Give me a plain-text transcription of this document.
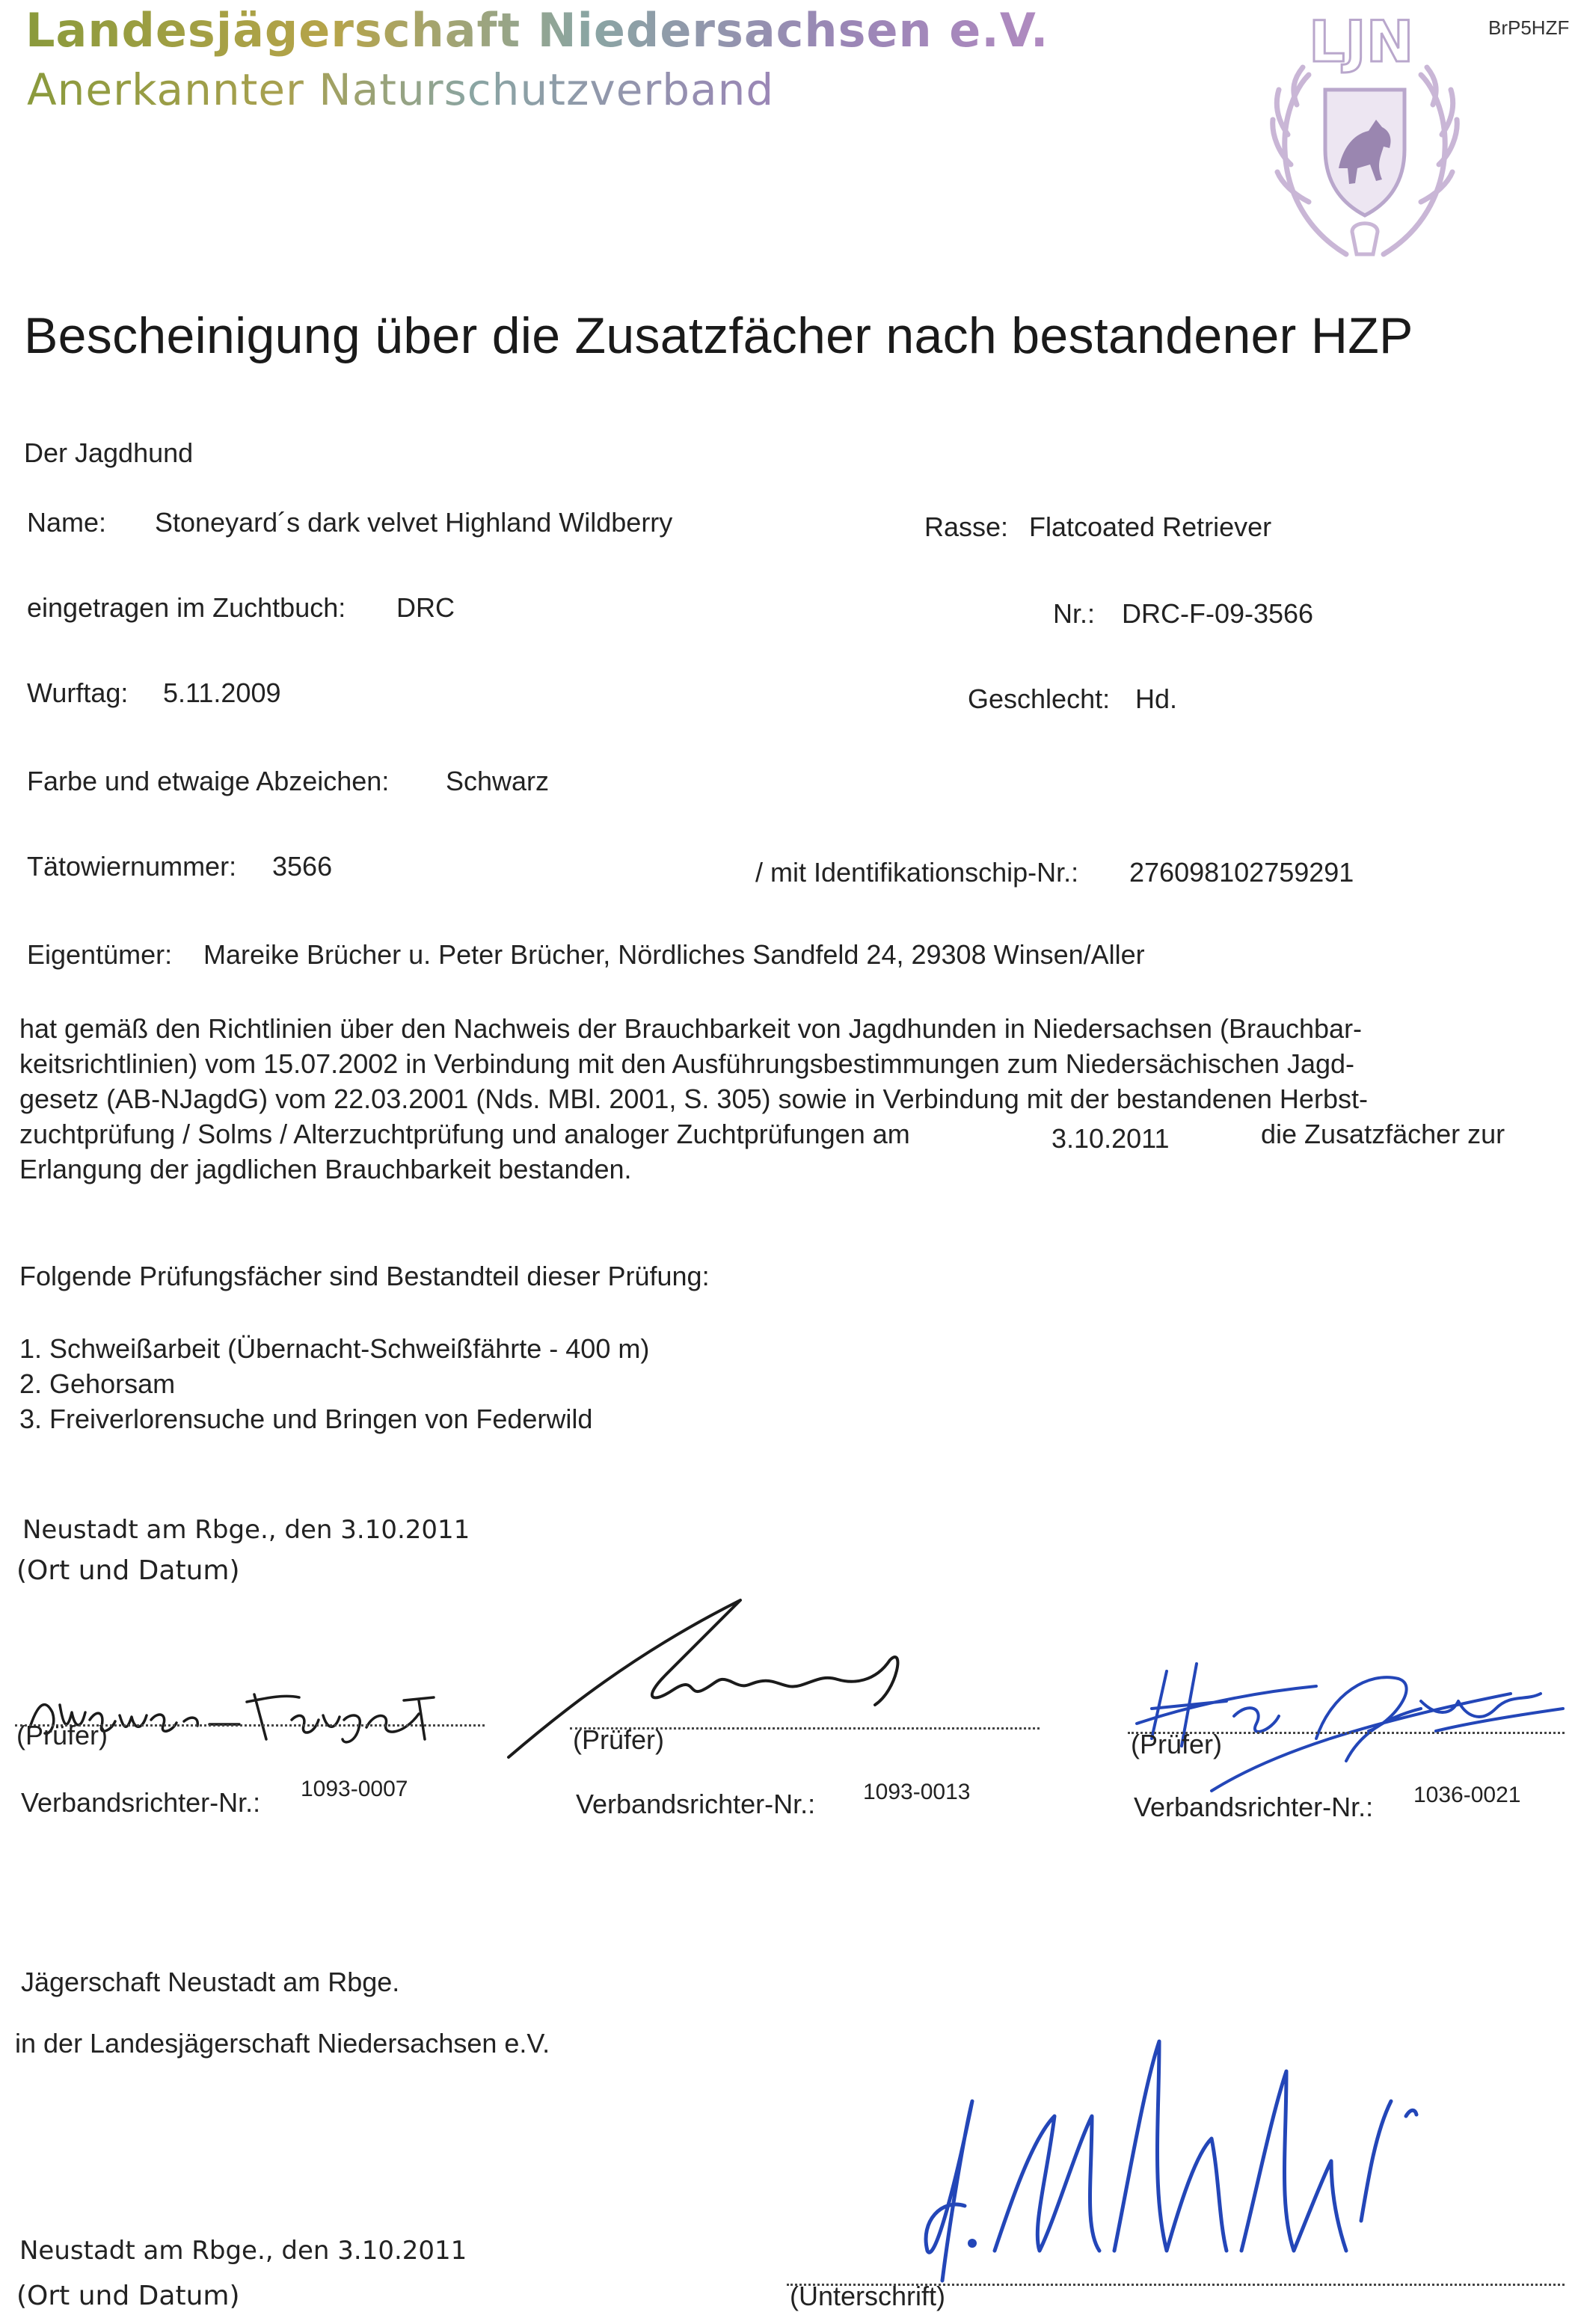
Landesjägerschaft Niedersachsen e.V.
Anerkannter Naturschutzverband
BrP5HZF
LJN
Bescheinigung über die Zusatzfächer nach bestandener HZP
Der Jagdhund
Name: Stoneyard´s dark velvet Highland Wildberry	Rasse: Flatcoated Retriever
eingetragen im Zuchtbuch: DRC	Nr.: DRC-F-09-3566
Wurftag: 5.11.2009	Geschlecht: Hd.
Farbe und etwaige Abzeichen: Schwarz
Tätowiernummer: 3566	/ mit Identifikationschip-Nr.: 276098102759291
Eigentümer: Mareike Brücher u. Peter Brücher, Nördliches Sandfeld 24, 29308 Winsen/Aller
hat gemäß den Richtlinien über den Nachweis der Brauchbarkeit von Jagdhunden in Niedersachsen (Brauchbar-
keitsrichtlinien) vom 15.07.2002 in Verbindung mit den Ausführungsbestimmungen zum Niedersächischen Jagd-
gesetz (AB-NJagdG) vom 22.03.2001 (Nds. MBl. 2001, S. 305) sowie in Verbindung mit der bestandenen Herbst-
zuchtprüfung / Solms / Alterzuchtprüfung und analoger Zuchtprüfungen am	3.10.2011	die Zusatzfächer zur
Erlangung der jagdlichen Brauchbarkeit bestanden.
Folgende Prüfungsfächer sind Bestandteil dieser Prüfung:
1. Schweißarbeit (Übernacht-Schweißfährte - 400 m)
2. Gehorsam
3. Freiverlorensuche und Bringen von Federwild
Neustadt am Rbge., den 3.10.2011
(Ort und Datum)
(Prüfer)	(Prüfer)	(Prüfer)
Verbandsrichter-Nr.: 1093-0007	Verbandsrichter-Nr.: 1093-0013	Verbandsrichter-Nr.: 1036-0021
Jägerschaft Neustadt am Rbge.
in der Landesjägerschaft Niedersachsen e.V.
Neustadt am Rbge., den 3.10.2011
(Ort und Datum)	(Unterschrift)
